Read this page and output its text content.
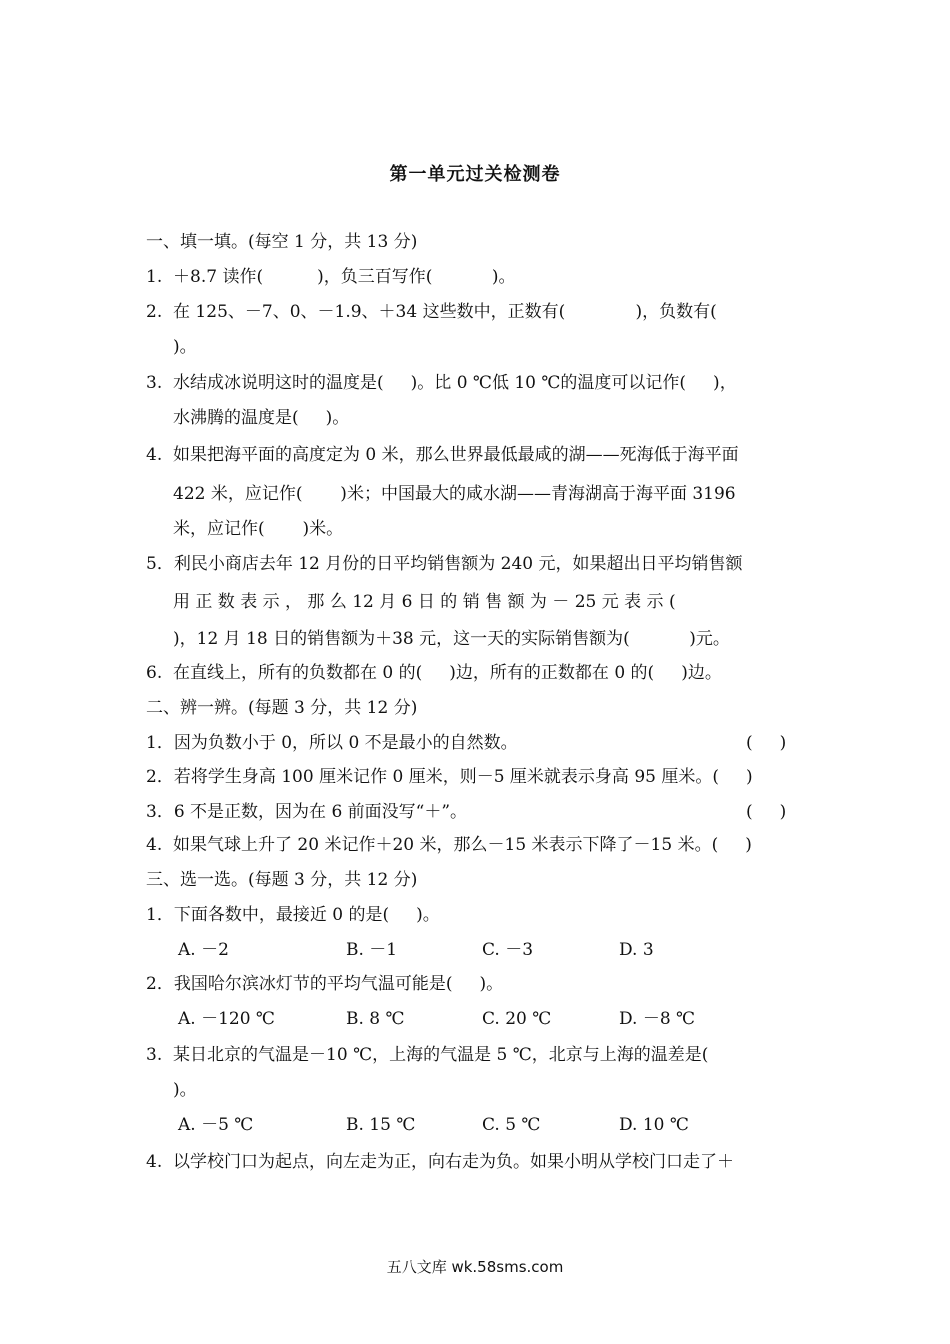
第一单元过关检测卷
一、填一填。(每空 1 分，共 13 分)
1.  ＋8.7 读作(          )，负三百写作(           )。
2.  在 125、－7、0、－1.9、＋34 这些数中，正数有(             )，负数有(
)。
3.  水结成冰说明这时的温度是(     )。比 0 ℃低 10 ℃的温度可以记作(     )，
水沸腾的温度是(     )。
4.  如果把海平面的高度定为 0 米，那么世界最低最咸的湖——死海低于海平面
422 米，应记作(       )米；中国最大的咸水湖——青海湖高于海平面 3196
米，应记作(       )米。
5．利民小商店去年 12 月份的日平均销售额为 240 元，如果超出日平均销售额
用 正 数 表 示 ， 那 么 12 月 6 日 的 销 售 额 为 － 25 元 表 示 (
)，12 月 18 日的销售额为＋38 元，这一天的实际销售额为(           )元。
6.  在直线上，所有的负数都在 0 的(     )边，所有的正数都在 0 的(     )边。
二、辨一辨。(每题 3 分，共 12 分)
1．因为负数小于 0，所以 0 不是最小的自然数。	(     )
2．若将学生身高 100 厘米记作 0 厘米，则－5 厘米就表示身高 95 厘米。(     )
3．6 不是正数，因为在 6 前面没写“＋”。	(     )
4.  如果气球上升了 20 米记作＋20 米，那么－15 米表示下降了－15 米。(     )
三、选一选。(每题 3 分，共 12 分)
1．下面各数中，最接近 0 的是(     )。
A. －2	B. －1	C. －3	D. 3
2．我国哈尔滨冰灯节的平均气温可能是(     )。
A. －120 ℃	B. 8 ℃	C. 20 ℃	D. －8 ℃
3.  某日北京的气温是－10 ℃，上海的气温是 5 ℃，北京与上海的温差是(
)。
A. －5 ℃	B. 15 ℃	C. 5 ℃	D. 10 ℃
4.  以学校门口为起点，向左走为正，向右走为负。如果小明从学校门口走了＋
五八文库 wk.58sms.com
